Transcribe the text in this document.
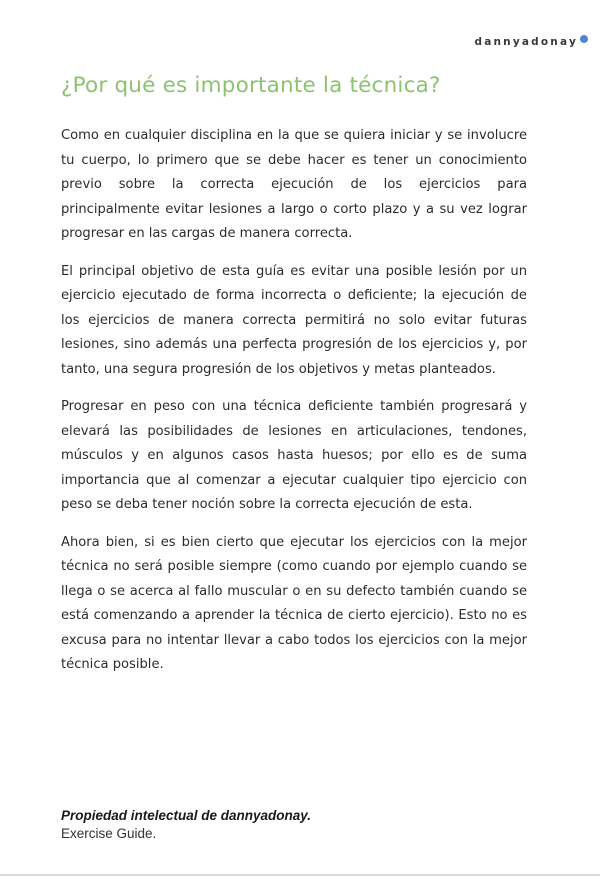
dannyadonay
¿Por qué es importante la técnica?

Como en cualquier disciplina en la que se quiera iniciar y se involucre tu cuerpo, lo primero que se debe hacer es tener un conocimiento previo sobre la correcta ejecución de los ejercicios para principalmente evitar lesiones a largo o corto plazo y a su vez lograr progresar en las cargas de manera correcta.

El principal objetivo de esta guía es evitar una posible lesión por un ejercicio ejecutado de forma incorrecta o deficiente; la ejecución de los ejercicios de manera correcta permitirá no solo evitar futuras lesiones, sino además una perfecta progresión de los ejercicios y, por tanto, una segura progresión de los objetivos y metas planteados.

Progresar en peso con una técnica deficiente también progresará y elevará las posibilidades de lesiones en articulaciones, tendones, músculos y en algunos casos hasta huesos; por ello es de suma importancia que al comenzar a ejecutar cualquier tipo ejercicio con peso se deba tener noción sobre la correcta ejecución de esta.

Ahora bien, si es bien cierto que ejecutar los ejercicios con la mejor técnica no será posible siempre (como cuando por ejemplo cuando se llega o se acerca al fallo muscular o en su defecto también cuando se está comenzando a aprender la técnica de cierto ejercicio). Esto no es excusa para no intentar llevar a cabo todos los ejercicios con la mejor técnica posible.

Propiedad intelectual de dannyadonay.
Exercise Guide.
